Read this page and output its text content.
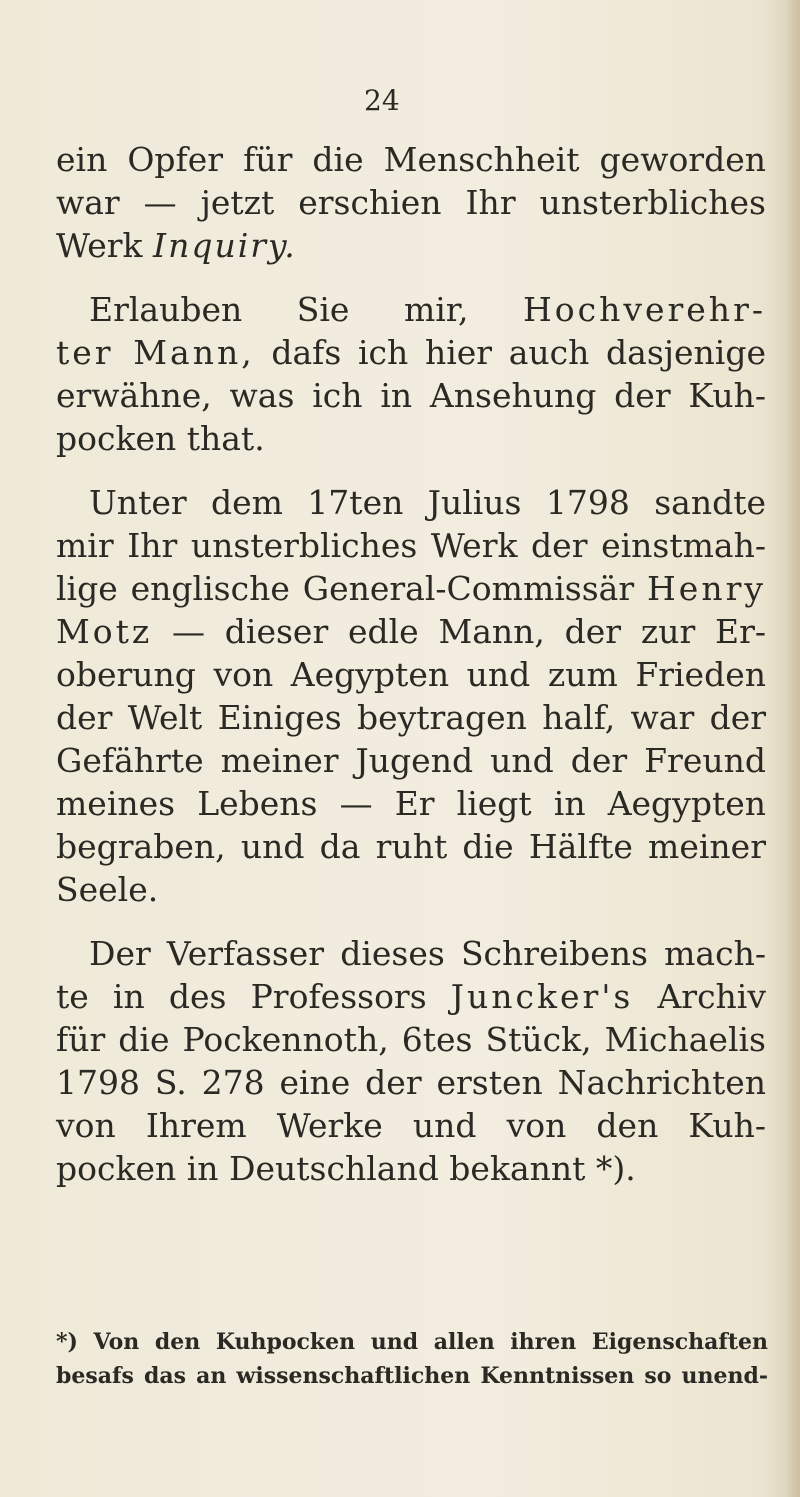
24
ein Opfer für die Menschheit geworden
war — jetzt erschien Ihr unsterbliches
Werk Inquiry.
  Erlauben Sie mir, Hochverehr-
ter Mann, dafs ich hier auch dasjenige
erwähne, was ich in Ansehung der Kuh-
pocken that.
  Unter dem 17ten Julius 1798 sandte
mir Ihr unsterbliches Werk der einstmah-
lige englische General-Commissär Henry
Motz — dieser edle Mann, der zur Er-
oberung von Aegypten und zum Frieden
der Welt Einiges beytragen half, war der
Gefährte meiner Jugend und der Freund
meines Lebens — Er liegt in Aegypten
begraben, und da ruht die Hälfte meiner
Seele.
  Der Verfasser dieses Schreibens mach-
te in des Professors Juncker's Archiv
für die Pockennoth, 6tes Stück, Michaelis
1798 S. 278 eine der ersten Nachrichten
von Ihrem Werke und von den Kuh-
pocken in Deutschland bekannt *).
*) Von den Kuhpocken und allen ihren Eigenschaften
besafs das an wissenschaftlichen Kenntnissen so unend-
